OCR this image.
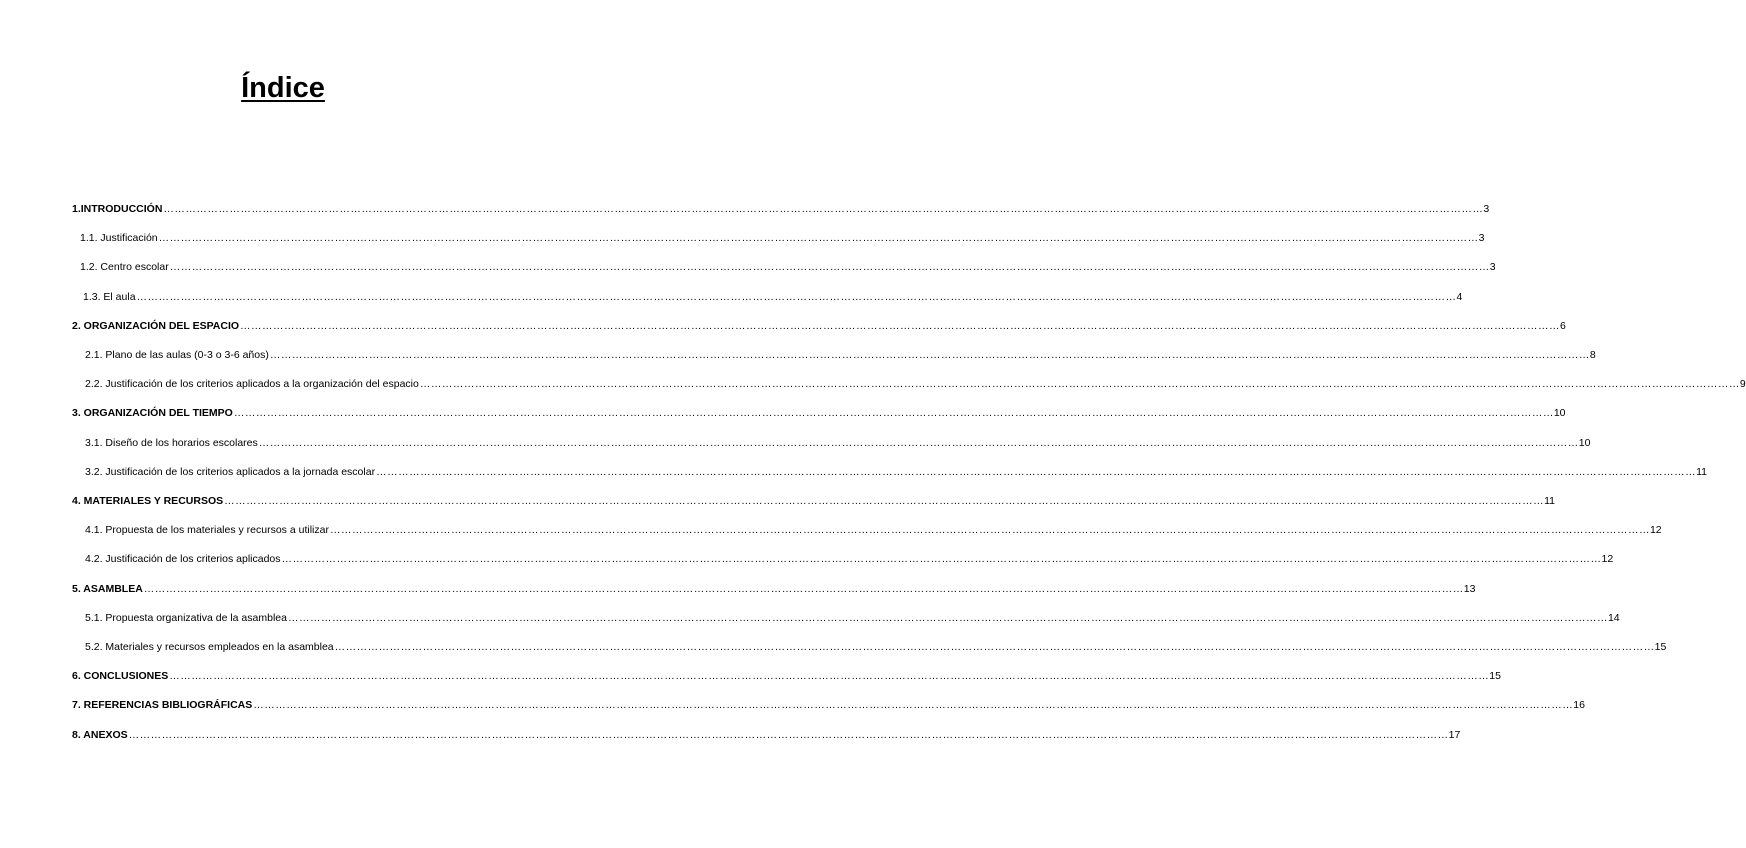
Índice
1.INTRODUCCIÓN ……………………………………………………………………………………………………………………………………………………………………………………………………………………………………………………………………………………………………………………………… 3
1.1. Justificación ……………………………………………………………………………………………………………………………………………………………………………………………………………………………………………………………………………………………………………………………… 3
1.2. Centro escolar ……………………………………………………………………………………………………………………………………………………………………………………………………………………………………………………………………………………………………………………………… 3
1.3. El aula ……………………………………………………………………………………………………………………………………………………………………………………………………………………………………………………………………………………………………………………………… 4
2. ORGANIZACIÓN DEL ESPACIO ……………………………………………………………………………………………………………………………………………………………………………………………………………………………………………………………………………………………………………………………… 6
2.1. Plano de las aulas (0-3 o 3-6 años) ……………………………………………………………………………………………………………………………………………………………………………………………………………………………………………………………………………………………………………………………… 8
2.2. Justificación de los criterios aplicados a la organización del espacio ……………………………………………………………………………………………………………………………………………………………………………………………………………………………………………………………………………………………………………………………… 9
3. ORGANIZACIÓN DEL TIEMPO ……………………………………………………………………………………………………………………………………………………………………………………………………………………………………………………………………………………………………………………………… 10
3.1. Diseño de los horarios escolares ……………………………………………………………………………………………………………………………………………………………………………………………………………………………………………………………………………………………………………………………… 10
3.2. Justificación de los criterios aplicados a la jornada escolar ……………………………………………………………………………………………………………………………………………………………………………………………………………………………………………………………………………………………………………………………… 11
4. MATERIALES Y RECURSOS ……………………………………………………………………………………………………………………………………………………………………………………………………………………………………………………………………………………………………………………………… 11
4.1. Propuesta de los materiales y recursos a utilizar ……………………………………………………………………………………………………………………………………………………………………………………………………………………………………………………………………………………………………………………………… 12
4.2. Justificación de los criterios aplicados ……………………………………………………………………………………………………………………………………………………………………………………………………………………………………………………………………………………………………………………………… 12
5. ASAMBLEA ……………………………………………………………………………………………………………………………………………………………………………………………………………………………………………………………………………………………………………………………… 13
5.1. Propuesta organizativa de la asamblea ……………………………………………………………………………………………………………………………………………………………………………………………………………………………………………………………………………………………………………………………… 14
5.2. Materiales y recursos empleados en la asamblea ……………………………………………………………………………………………………………………………………………………………………………………………………………………………………………………………………………………………………………………………… 15
6. CONCLUSIONES ……………………………………………………………………………………………………………………………………………………………………………………………………………………………………………………………………………………………………………………………… 15
7. REFERENCIAS BIBLIOGRÁFICAS ……………………………………………………………………………………………………………………………………………………………………………………………………………………………………………………………………………………………………………………………… 16
8. ANEXOS ……………………………………………………………………………………………………………………………………………………………………………………………………………………………………………………………………………………………………………………………… 17
